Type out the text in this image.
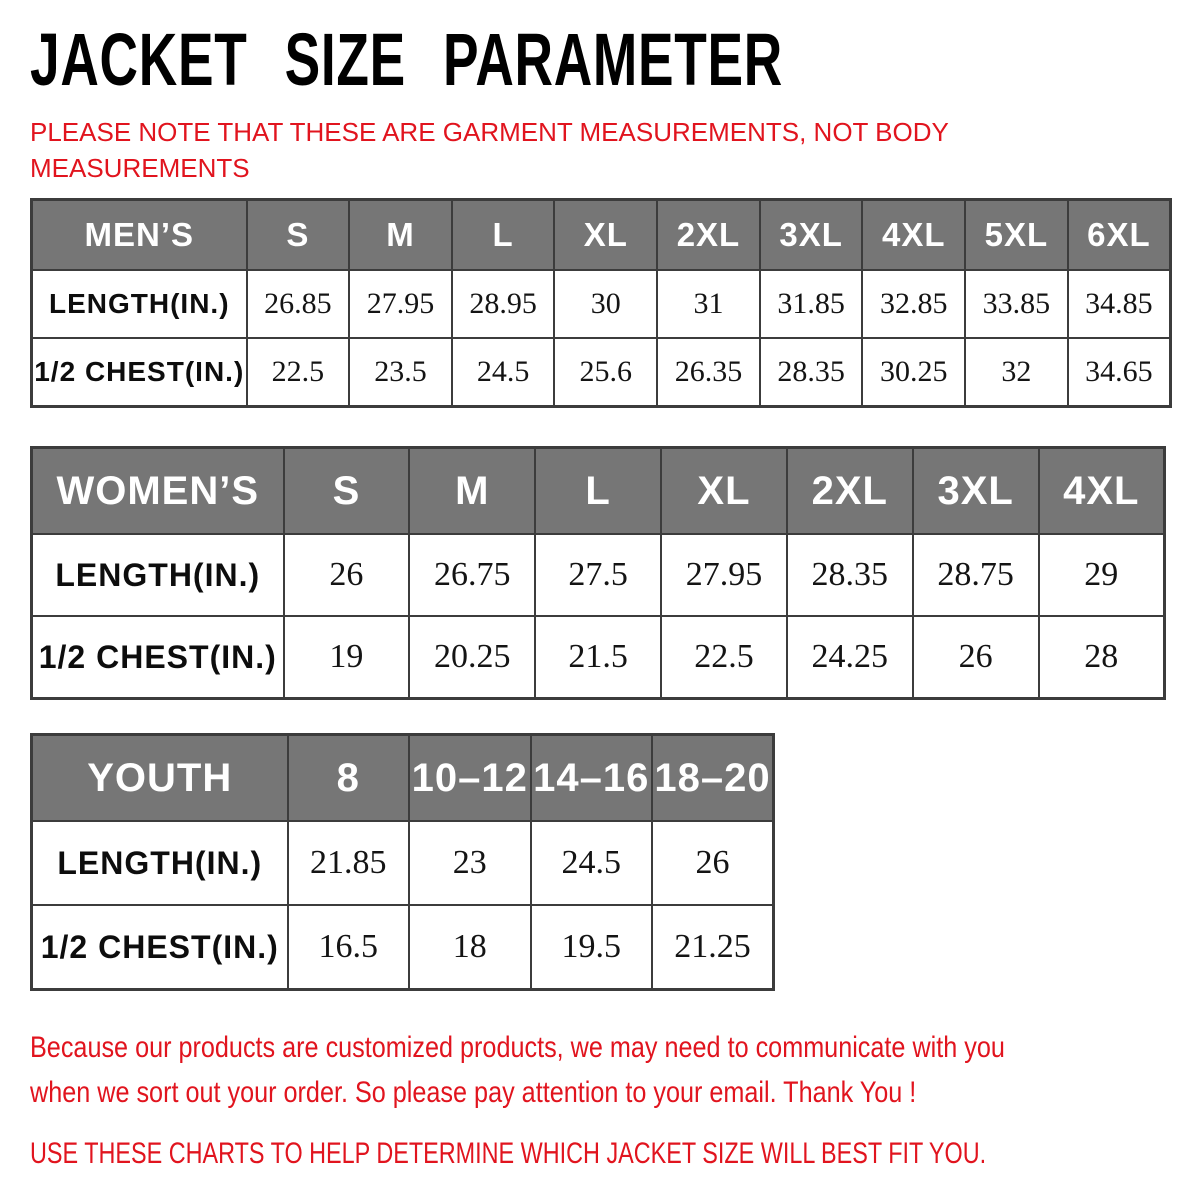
JACKET SIZE PARAMETER

PLEASE NOTE THAT THESE ARE GARMENT MEASUREMENTS, NOT BODY MEASUREMENTS

MEN’S	S	M	L	XL	2XL	3XL	4XL	5XL	6XL
LENGTH(IN.)	26.85	27.95	28.95	30	31	31.85	32.85	33.85	34.85
1/2 CHEST(IN.)	22.5	23.5	24.5	25.6	26.35	28.35	30.25	32	34.65
WOMEN’S	S	M	L	XL	2XL	3XL	4XL
LENGTH(IN.)	26	26.75	27.5	27.95	28.35	28.75	29
1/2 CHEST(IN.)	19	20.25	21.5	22.5	24.25	26	28
YOUTH	8	10–12	14–16	18–20
LENGTH(IN.)	21.85	23	24.5	26
1/2 CHEST(IN.)	16.5	18	19.5	21.25

Because our products are customized products, we may need to communicate with you
when we sort out your order. So please pay attention to your email. Thank You !

USE THESE CHARTS TO HELP DETERMINE WHICH JACKET SIZE WILL BEST FIT YOU.
